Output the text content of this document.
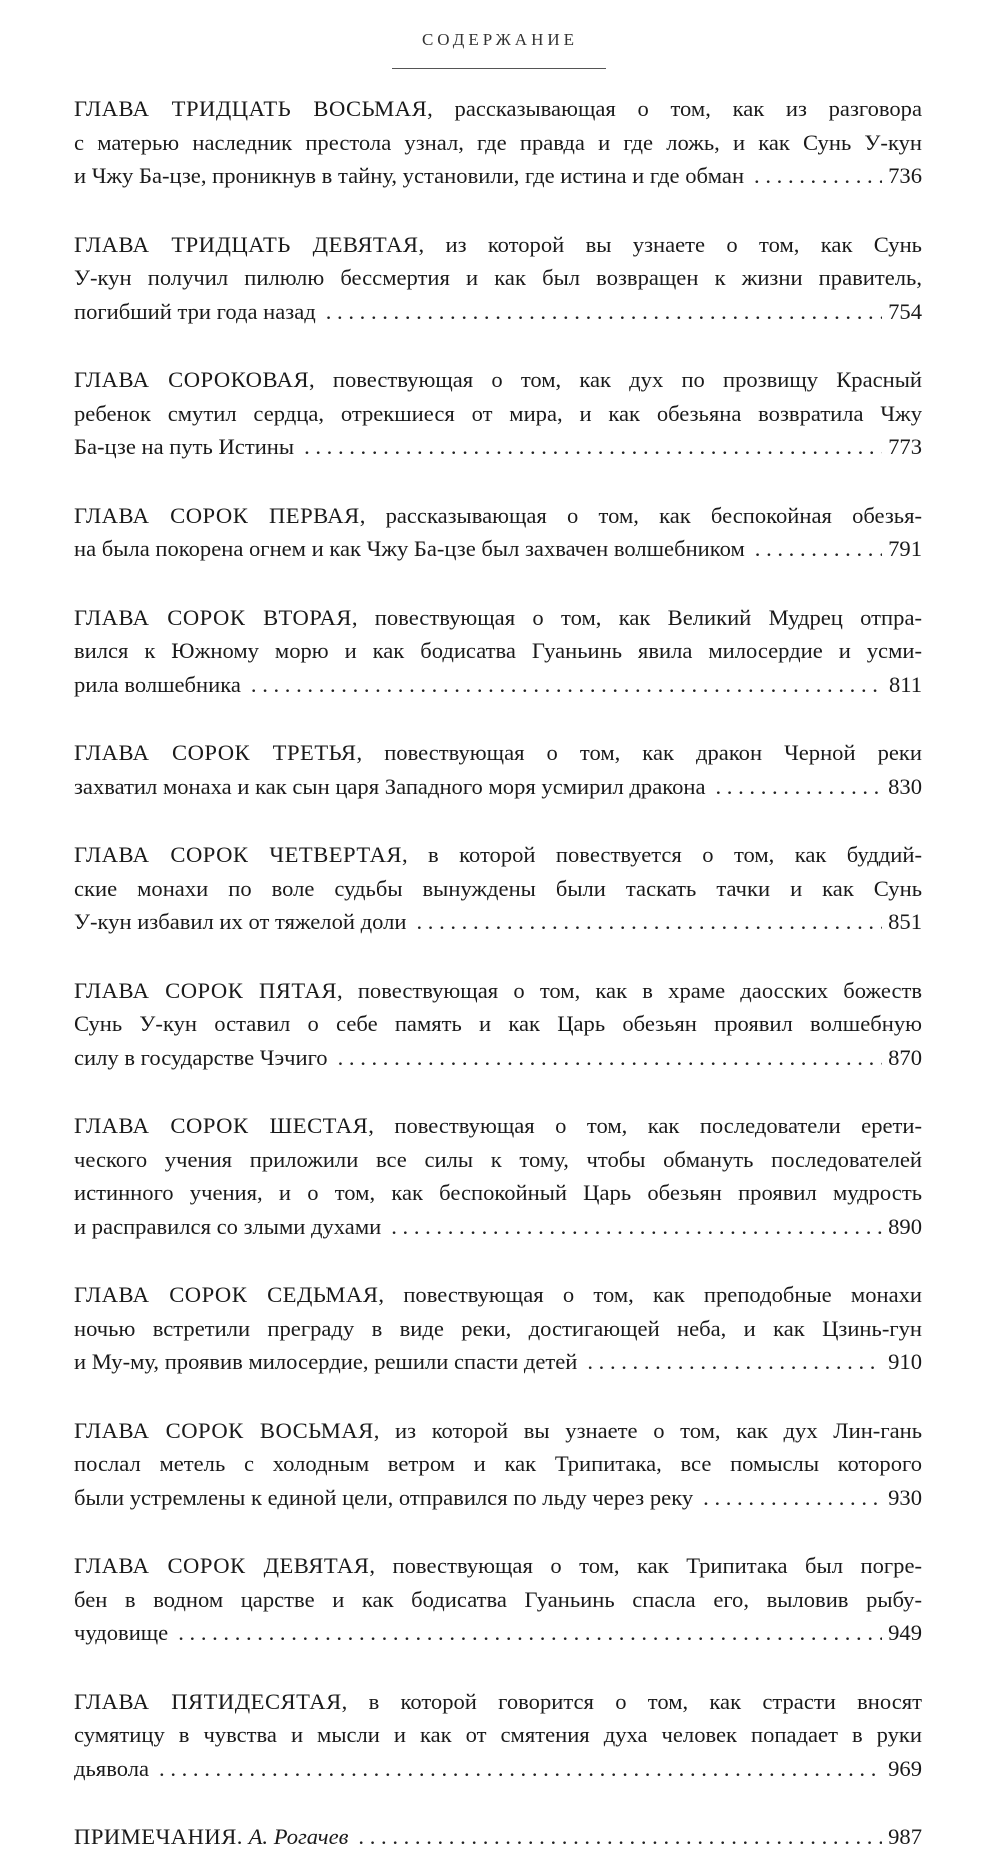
СОДЕРЖАНИЕ
ГЛАВА ТРИДЦАТЬ ВОСЬМАЯ, рассказывающая о том, как из разговора
с матерью наследник престола узнал, где правда и где ложь, и как Сунь У-кун
и Чжу Ба-цзе, проникнув в тайну, установили, где истина и где обман . . .	736
ГЛАВА ТРИДЦАТЬ ДЕВЯТАЯ, из которой вы узнаете о том, как Сунь
У-кун получил пилюлю бессмертия и как был возвращен к жизни правитель,
погибший три года назад . . .	754
ГЛАВА СОРОКОВАЯ, повествующая о том, как дух по прозвищу Красный
ребенок смутил сердца, отрекшиеся от мира, и как обезьяна возвратила Чжу
Ба-цзе на путь Истины . . .	773
ГЛАВА СОРОК ПЕРВАЯ, рассказывающая о том, как беспокойная обезья-
на была покорена огнем и как Чжу Ба-цзе был захвачен волшебником . . .	791
ГЛАВА СОРОК ВТОРАЯ, повествующая о том, как Великий Мудрец отпра-
вился к Южному морю и как бодисатва Гуаньинь явила милосердие и усми-
рила волшебника . . .	811
ГЛАВА СОРОК ТРЕТЬЯ, повествующая о том, как дракон Черной реки
захватил монаха и как сын царя Западного моря усмирил дракона . . .	830
ГЛАВА СОРОК ЧЕТВЕРТАЯ, в которой повествуется о том, как буддий-
ские монахи по воле судьбы вынуждены были таскать тачки и как Сунь
У-кун избавил их от тяжелой доли . . .	851
ГЛАВА СОРОК ПЯТАЯ, повествующая о том, как в храме даосских божеств
Сунь У-кун оставил о себе память и как Царь обезьян проявил волшебную
силу в государстве Чэчиго . . .	870
ГЛАВА СОРОК ШЕСТАЯ, повествующая о том, как последователи ерети-
ческого учения приложили все силы к тому, чтобы обмануть последователей
истинного учения, и о том, как беспокойный Царь обезьян проявил мудрость
и расправился со злыми духами . . .	890
ГЛАВА СОРОК СЕДЬМАЯ, повествующая о том, как преподобные монахи
ночью встретили преграду в виде реки, достигающей неба, и как Цзинь-гун
и Му-му, проявив милосердие, решили спасти детей . . .	910
ГЛАВА СОРОК ВОСЬМАЯ, из которой вы узнаете о том, как дух Лин-гань
послал метель с холодным ветром и как Трипитака, все помыслы которого
были устремлены к единой цели, отправился по льду через реку . . .	930
ГЛАВА СОРОК ДЕВЯТАЯ, повествующая о том, как Трипитака был погре-
бен в водном царстве и как бодисатва Гуаньинь спасла его, выловив рыбу-
чудовище . . .	949
ГЛАВА ПЯТИДЕСЯТАЯ, в которой говорится о том, как страсти вносят
сумятицу в чувства и мысли и как от смятения духа человек попадает в руки
дьявола . . .	969
ПРИМЕЧАНИЯ. А. Рогачев . . .	987
